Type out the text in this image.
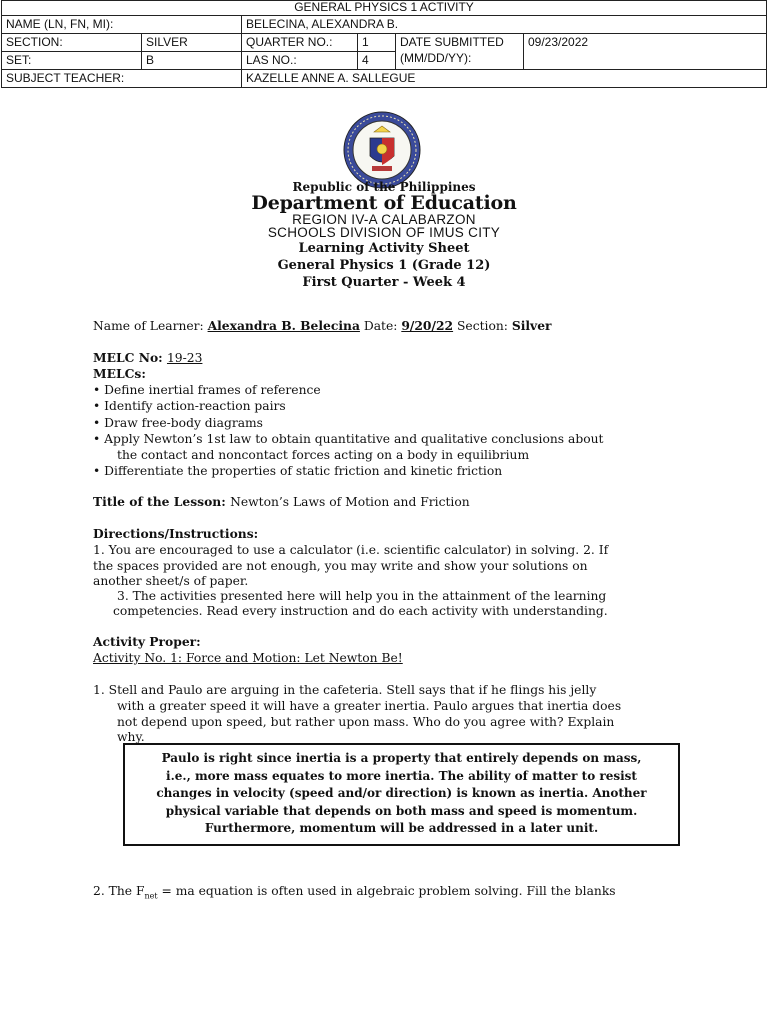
GENERAL PHYSICS 1 ACTIVITY					
NAME (LN, FN, MI):		BELECINA, ALEXANDRA B.			
SECTION:	SILVER	QUARTER NO.:	1	DATE SUBMITTED (MM/DD/YY):	09/23/2022
SET:	B	LAS NO.:	4		
SUBJECT TEACHER:		KAZELLE ANNE A. SALLEGUE			
Republic of the Philippines
Department of Education
REGION IV-A CALABARZON
SCHOOLS DIVISION OF IMUS CITY
Learning Activity Sheet
General Physics 1 (Grade 12)
First Quarter - Week 4
Name of Learner: Alexandra B. Belecina Date: 9/20/22 Section: Silver
MELC No: 19-23
MELCs:
• Define inertial frames of reference
• Identify action-reaction pairs
• Draw free-body diagrams
• Apply Newton’s 1st law to obtain quantitative and qualitative conclusions about
the contact and noncontact forces acting on a body in equilibrium
• Differentiate the properties of static friction and kinetic friction
Title of the Lesson: Newton’s Laws of Motion and Friction
Directions/Instructions:
1. You are encouraged to use a calculator (i.e. scientific calculator) in solving. 2. If
the spaces provided are not enough, you may write and show your solutions on
another sheet/s of paper.
3. The activities presented here will help you in the attainment of the learning
competencies. Read every instruction and do each activity with understanding.
Activity Proper:
Activity No. 1: Force and Motion: Let Newton Be!
1. Stell and Paulo are arguing in the cafeteria. Stell says that if he flings his jelly
with a greater speed it will have a greater inertia. Paulo argues that inertia does
not depend upon speed, but rather upon mass. Who do you agree with? Explain
why.
Paulo is right since inertia is a property that entirely depends on mass,
i.e., more mass equates to more inertia. The ability of matter to resist
changes in velocity (speed and/or direction) is known as inertia. Another
physical variable that depends on both mass and speed is momentum.
Furthermore, momentum will be addressed in a later unit.
2. The $F_{net}$ = ma equation is often used in algebraic problem solving. Fill the blanks
